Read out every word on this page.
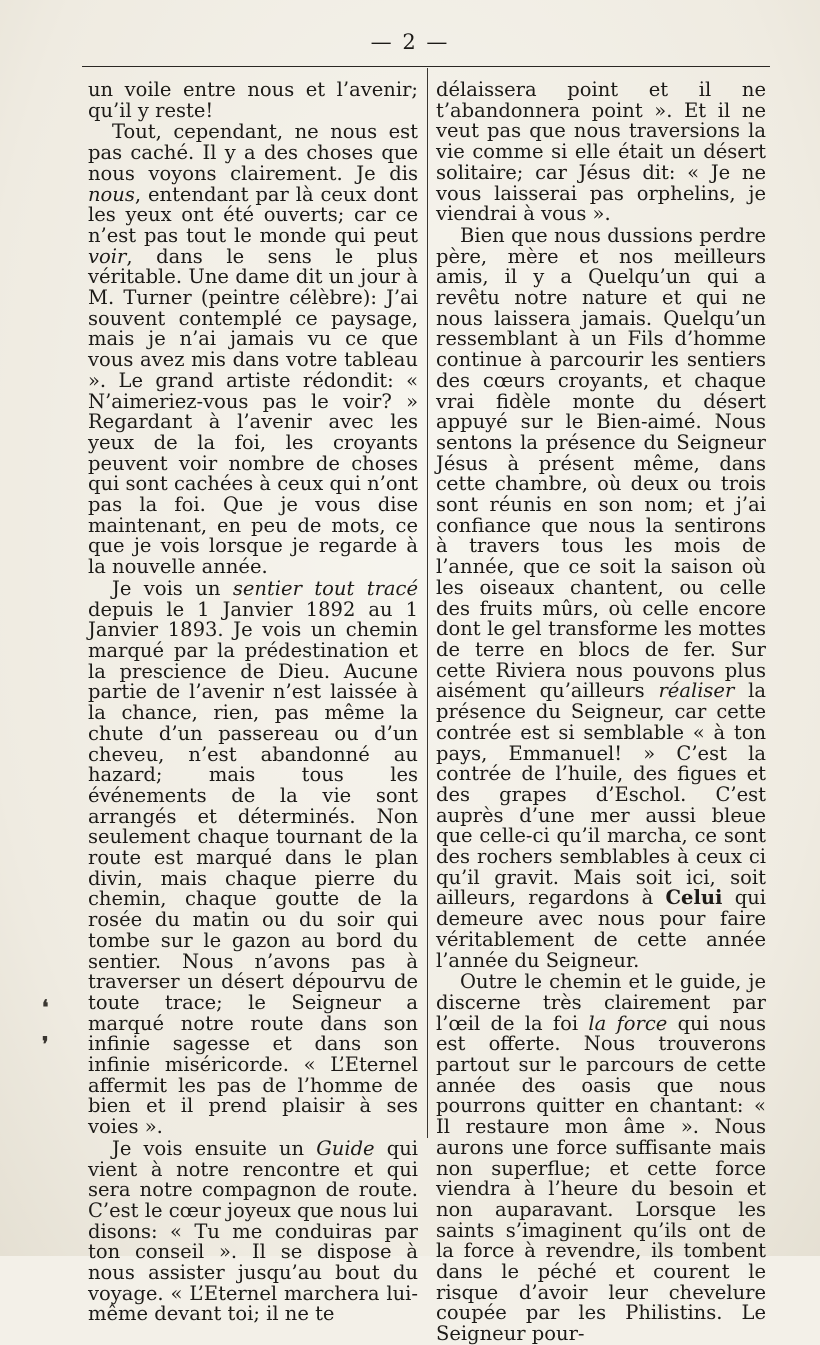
— 2 —

un voile entre nous et l’avenir; qu’il y reste!

Tout, cependant, ne nous est pas caché. Il y a des choses que nous voyons clairement. Je dis nous, entendant par là ceux dont les yeux ont été ouverts; car ce n’est pas tout le monde qui peut voir, dans le sens le plus véritable. Une dame dit un jour à M. Turner (peintre célèbre): J’ai souvent contemplé ce paysage, mais je n’ai jamais vu ce que vous avez mis dans votre tableau ». Le grand artiste rédondit: « N’aimeriez-vous pas le voir? » Regardant à l’avenir avec les yeux de la foi, les croyants peuvent voir nombre de choses qui sont cachées à ceux qui n’ont pas la foi. Que je vous dise maintenant, en peu de mots, ce que je vois lorsque je regarde à la nouvelle année.

Je vois un sentier tout tracé depuis le 1 Janvier 1892 au 1 Janvier 1893. Je vois un chemin marqué par la prédestination et la prescience de Dieu. Aucune partie de l’avenir n’est laissée à la chance, rien, pas même la chute d’un passereau ou d’un cheveu, n’est abandonné au hazard; mais tous les événements de la vie sont arrangés et déterminés. Non seulement chaque tournant de la route est marqué dans le plan divin, mais chaque pierre du chemin, chaque goutte de la rosée du matin ou du soir qui tombe sur le gazon au bord du sentier. Nous n’avons pas à traverser un désert dépourvu de toute trace; le Seigneur a marqué notre route dans son infinie sagesse et dans son infinie miséricorde. « L’Eternel affermit les pas de l’homme de bien et il prend plaisir à ses voies ».

Je vois ensuite un Guide qui vient à notre rencontre et qui sera notre compagnon de route. C’est le cœur joyeux que nous lui disons: « Tu me conduiras par ton conseil ». Il se dispose à nous assister jusqu’au bout du voyage. « L’Eternel marchera lui-même devant toi; il ne te

délaissera point et il ne t’abandonnera point ». Et il ne veut pas que nous traversions la vie comme si elle était un désert solitaire; car Jésus dit: « Je ne vous laisserai pas orphelins, je viendrai à vous ».

Bien que nous dussions perdre père, mère et nos meilleurs amis, il y a Quelqu’un qui a revêtu notre nature et qui ne nous laissera jamais. Quelqu’un ressemblant à un Fils d’homme continue à parcourir les sentiers des cœurs croyants, et chaque vrai fidèle monte du désert appuyé sur le Bien-aimé. Nous sentons la présence du Seigneur Jésus à présent même, dans cette chambre, où deux ou trois sont réunis en son nom; et j’ai confiance que nous la sentirons à travers tous les mois de l’année, que ce soit la saison où les oiseaux chantent, ou celle des fruits mûrs, où celle encore dont le gel transforme les mottes de terre en blocs de fer. Sur cette Riviera nous pouvons plus aisément qu’ailleurs réaliser la présence du Seigneur, car cette contrée est si semblable « à ton pays, Emmanuel! » C’est la contrée de l’huile, des figues et des grapes d’Eschol. C’est auprès d’une mer aussi bleue que celle-ci qu’il marcha, ce sont des rochers semblables à ceux ci qu’il gravit. Mais soit ici, soit ailleurs, regardons à Celui qui demeure avec nous pour faire véritablement de cette année l’année du Seigneur.

Outre le chemin et le guide, je discerne très clairement par l’œil de la foi la force qui nous est offerte. Nous trouverons partout sur le parcours de cette année des oasis que nous pourrons quitter en chantant: « Il restaure mon âme ». Nous aurons une force suffisante mais non superflue; et cette force viendra à l’heure du besoin et non auparavant. Lorsque les saints s’imaginent qu’ils ont de la force à revendre, ils tombent dans le péché et courent le risque d’avoir leur chevelure coupée par les Philistins. Le Seigneur pour-

❛
❜
